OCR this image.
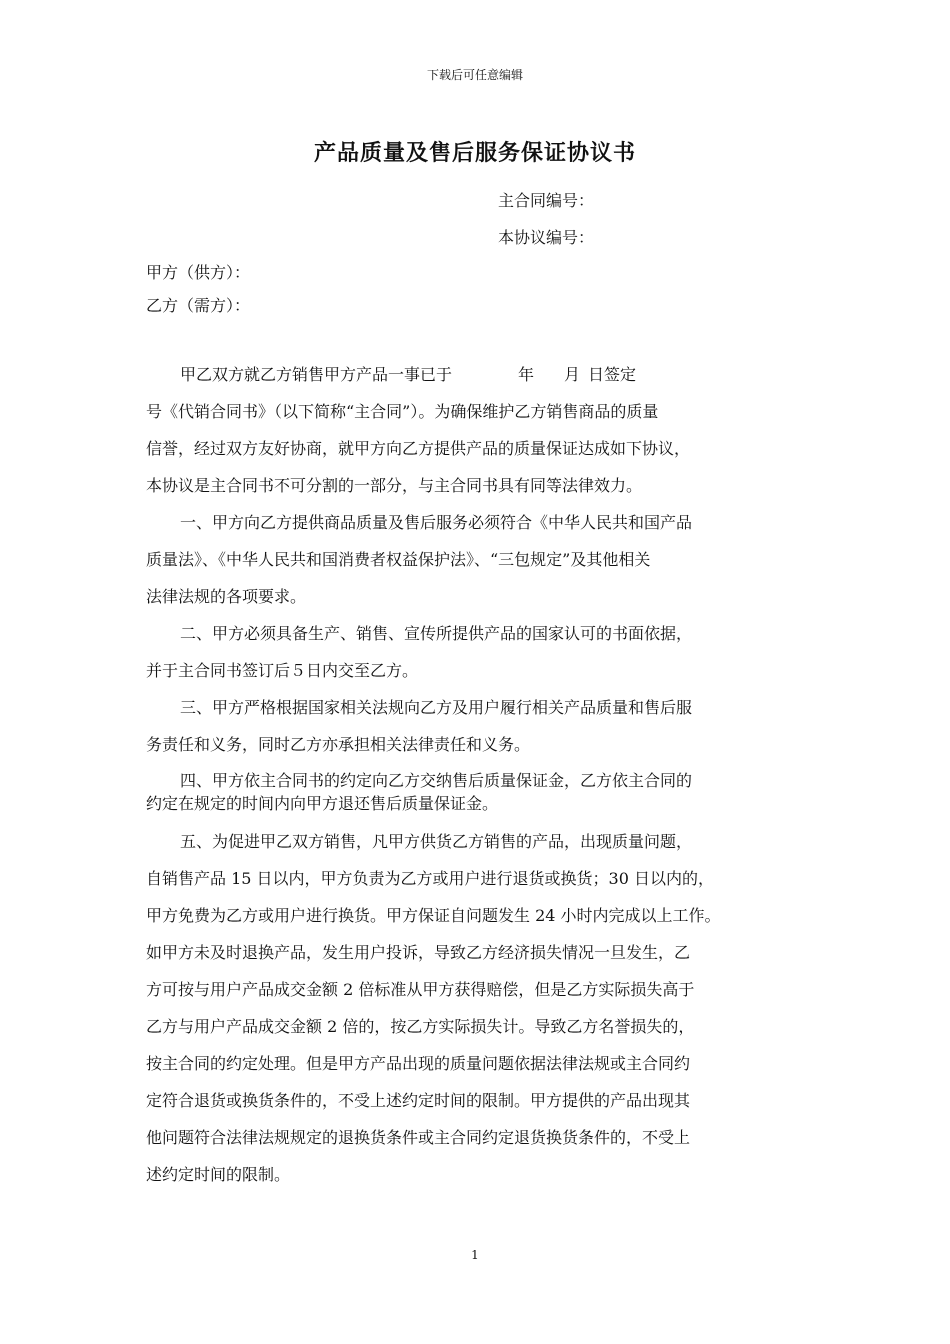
下载后可任意编辑
产品质量及售后服务保证协议书
主合同编号：
本协议编号：
甲方（供方）：
乙方（需方）：
甲乙双方就乙方销售甲方产品一事已于	年 月 日签定
号《代销合同书》（以下简称“主合同”）。为确保维护乙方销售商品的质量
信誉，经过双方友好协商，就甲方向乙方提供产品的质量保证达成如下协议，
本协议是主合同书不可分割的一部分，与主合同书具有同等法律效力。
一、甲方向乙方提供商品质量及售后服务必须符合《中华人民共和国产品
质量法》、《中华人民共和国消费者权益保护法》、“三包规定”及其他相关
法律法规的各项要求。
二、甲方必须具备生产、销售、宣传所提供产品的国家认可的书面依据，
并于主合同书签订后５日内交至乙方。
三、甲方严格根据国家相关法规向乙方及用户履行相关产品质量和售后服
务责任和义务，同时乙方亦承担相关法律责任和义务。
四、甲方依主合同书的约定向乙方交纳售后质量保证金，乙方依主合同的
约定在规定的时间内向甲方退还售后质量保证金。
五、为促进甲乙双方销售，凡甲方供货乙方销售的产品，出现质量问题，
自销售产品 15 日以内，甲方负责为乙方或用户进行退货或换货；30 日以内的，
甲方免费为乙方或用户进行换货。甲方保证自问题发生 24 小时内完成以上工作。
如甲方未及时退换产品，发生用户投诉，导致乙方经济损失情况一旦发生，乙
方可按与用户产品成交金额 2 倍标准从甲方获得赔偿，但是乙方实际损失高于
乙方与用户产品成交金额 2 倍的，按乙方实际损失计。导致乙方名誉损失的，
按主合同的约定处理。但是甲方产品出现的质量问题依据法律法规或主合同约
定符合退货或换货条件的，不受上述约定时间的限制。甲方提供的产品出现其
他问题符合法律法规规定的退换货条件或主合同约定退货换货条件的，不受上
述约定时间的限制。
1
